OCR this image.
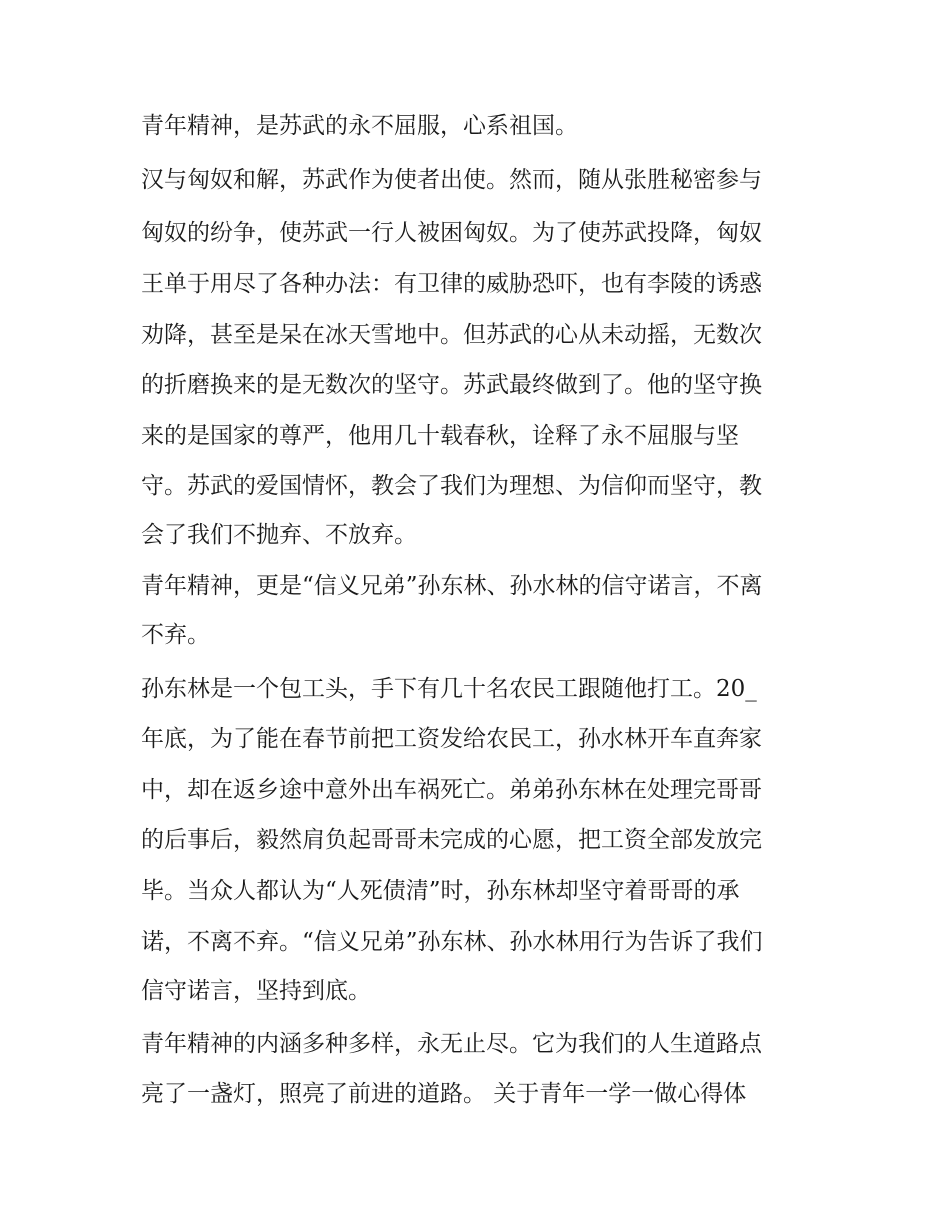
青年精神，是苏武的永不屈服，心系祖国。
汉与匈奴和解，苏武作为使者出使。然而，随从张胜秘密参与
匈奴的纷争，使苏武一行人被困匈奴。为了使苏武投降，匈奴
王单于用尽了各种办法：有卫律的威胁恐吓，也有李陵的诱惑
劝降，甚至是呆在冰天雪地中。但苏武的心从未动摇，无数次
的折磨换来的是无数次的坚守。苏武最终做到了。他的坚守换
来的是国家的尊严，他用几十载春秋，诠释了永不屈服与坚
守。苏武的爱国情怀，教会了我们为理想、为信仰而坚守，教
会了我们不抛弃、不放弃。
青年精神，更是“信义兄弟”孙东林、孙水林的信守诺言，不离
不弃。
孙东林是一个包工头，手下有几十名农民工跟随他打工。20_
年底，为了能在春节前把工资发给农民工，孙水林开车直奔家
中，却在返乡途中意外出车祸死亡。弟弟孙东林在处理完哥哥
的后事后，毅然肩负起哥哥未完成的心愿，把工资全部发放完
毕。当众人都认为“人死债清”时，孙东林却坚守着哥哥的承
诺，不离不弃。“信义兄弟”孙东林、孙水林用行为告诉了我们
信守诺言，坚持到底。
青年精神的内涵多种多样，永无止尽。它为我们的人生道路点
亮了一盏灯，照亮了前进的道路。 关于青年一学一做心得体
